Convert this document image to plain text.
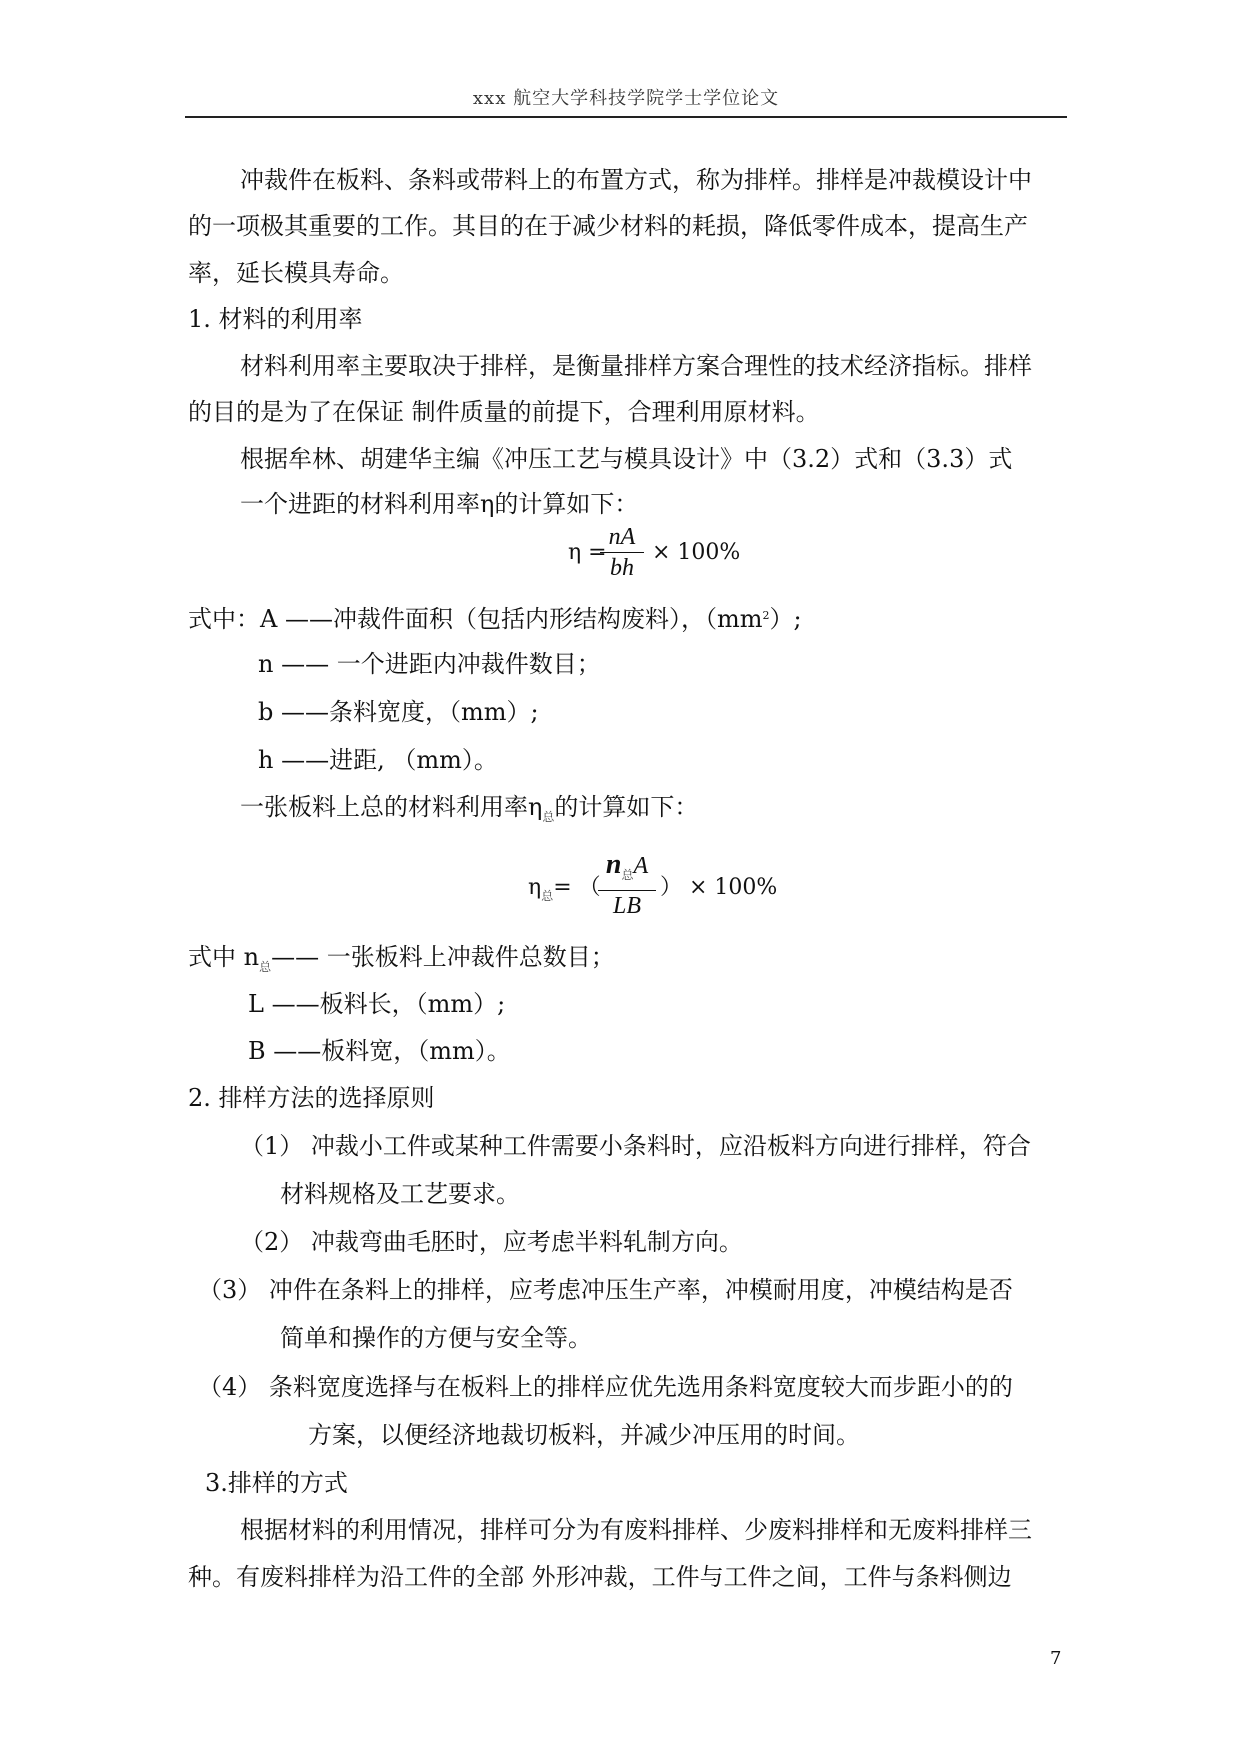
xxx 航空大学科技学院学士学位论文
冲裁件在板料、条料或带料上的布置方式，称为排样。排样是冲裁模设计中
的一项极其重要的工作。其目的在于减少材料的耗损，降低零件成本，提高生产
率，延长模具寿命。
1. 材料的利用率
材料利用率主要取决于排样，是衡量排样方案合理性的技术经济指标。排样
的目的是为了在保证 制件质量的前提下，合理利用原材料。
根据牟林、胡建华主编《冲压工艺与模具设计》中（3.2）式和（3.3）式
一个进距的材料利用率η的计算如下：
η =
$\frac{nA}{bh} \times 100\%$
式中：A ——冲裁件面积（包括内形结构废料），$(mm^2)$;
n —— 一个进距内冲裁件数目；
b ——条料宽度，（mm）;
h ——进距, （mm）。
一张板料上总的材料利用率$\eta_总$的计算如下：
$\eta_总=$ （
$n_总A$
LB
） × 100%
式中 $n_总——$ 一张板料上冲裁件总数目；
L ——板料长，（mm）;
B ——板料宽，（mm）。
2. 排样方法的选择原则
（1） 冲裁小工件或某种工件需要小条料时，应沿板料方向进行排样，符合
材料规格及工艺要求。
（2） 冲裁弯曲毛胚时，应考虑半料轧制方向。
（3） 冲件在条料上的排样，应考虑冲压生产率，冲模耐用度，冲模结构是否
简单和操作的方便与安全等。
（4） 条料宽度选择与在板料上的排样应优先选用条料宽度较大而步距小的的
方案，以便经济地裁切板料，并减少冲压用的时间。
3.排样的方式
根据材料的利用情况，排样可分为有废料排样、少废料排样和无废料排样三
种。有废料排样为沿工件的全部 外形冲裁，工件与工件之间，工件与条料侧边
7
